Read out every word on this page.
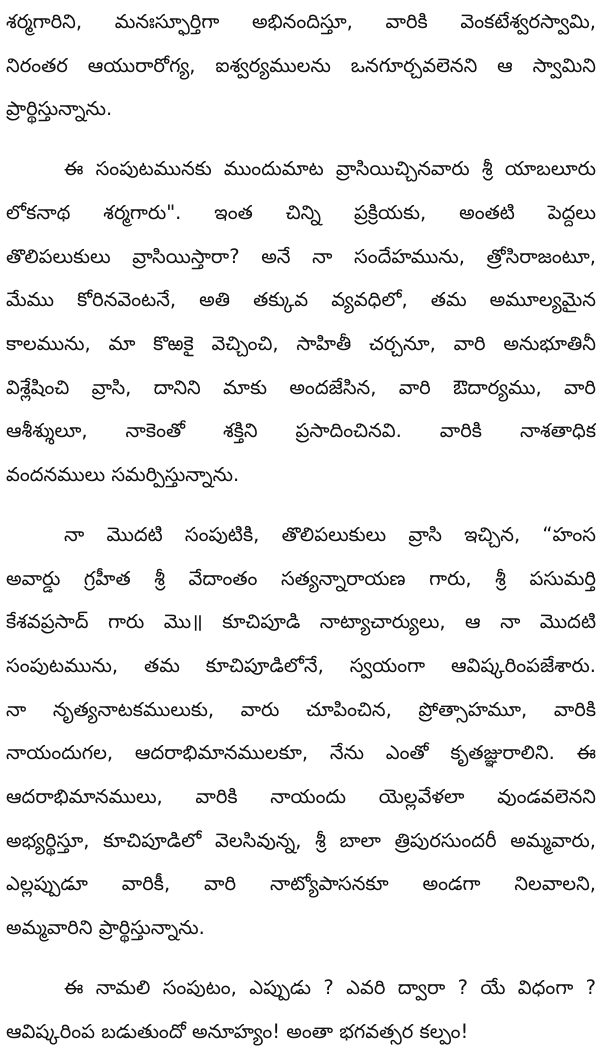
శర్మగారిని, మనఃస్ఫూర్తిగా అభినందిస్తూ, వారికి వెంకటేశ్వరస్వామి,
నిరంతర ఆయురారోగ్య, ఐశ్వర్యములను ఒనగూర్చవలెనని ఆ స్వామిని
ప్రార్థిస్తున్నాను.
ఈ సంపుటమునకు ముందుమాట వ్రాసియిచ్చినవారు శ్రీ యాబలూరు
లోకనాథ శర్మగారు". ఇంత చిన్ని ప్రక్రియకు, అంతటి పెద్దలు
తొలిపలుకులు వ్రాసియిస్తారా? అనే నా సందేహమును, త్రోసిరాజంటూ,
మేము కోరినవెంటనే, అతి తక్కువ వ్యవధిలో, తమ అమూల్యమైన
కాలమును, మా కొఱకై వెచ్చించి, సాహితీ చర్చనూ, వారి అనుభూతినీ
విశ్లేషించి వ్రాసి, దానిని మాకు అందజేసిన, వారి ఔదార్యము, వారి
ఆశీశ్శులూ, నాకెంతో శక్తిని ప్రసాదించినవి. వారికి నాశతాధిక
వందనములు సమర్పిస్తున్నాను.
నా మొదటి సంపుటికి, తొలిపలుకులు వ్రాసి ఇచ్చిన, “హంస
అవార్డు గ్రహీత శ్రీ వేదాంతం సత్యన్నారాయణ గారు, శ్రీ పసుమర్తి
కేశవప్రసాద్ గారు మొ॥ కూచిపూడి నాట్యాచార్యులు, ఆ నా మొదటి
సంపుటమును, తమ కూచిపూడిలోనే, స్వయంగా ఆవిష్కరింపజేశారు.
నా నృత్యనాటకములుకు, వారు చూపించిన, ప్రోత్సాహమూ, వారికి
నాయందుగల, ఆదరాభిమానములకూ, నేను ఎంతో కృతజ్ఞురాలిని. ఈ
ఆదరాభిమానములు, వారికి నాయందు యెల్లవేళలా వుండవలెనని
అభ్యర్థిస్తూ, కూచిపూడిలో వెలసివున్న, శ్రీ బాలా త్రిపురసుందరీ అమ్మవారు,
ఎల్లప్పుడూ వారికీ, వారి నాట్యోపాసనకూ అండగా నిలవాలని,
అమ్మవారిని ప్రార్థిస్తున్నాను.
ఈ నామలి సంపుటం, ఎప్పుడు ? ఎవరి ద్వారా ? యే విధంగా ?
ఆవిష్కరింప బడుతుందో అనూహ్యం! అంతా భగవత్సర కల్పం!
